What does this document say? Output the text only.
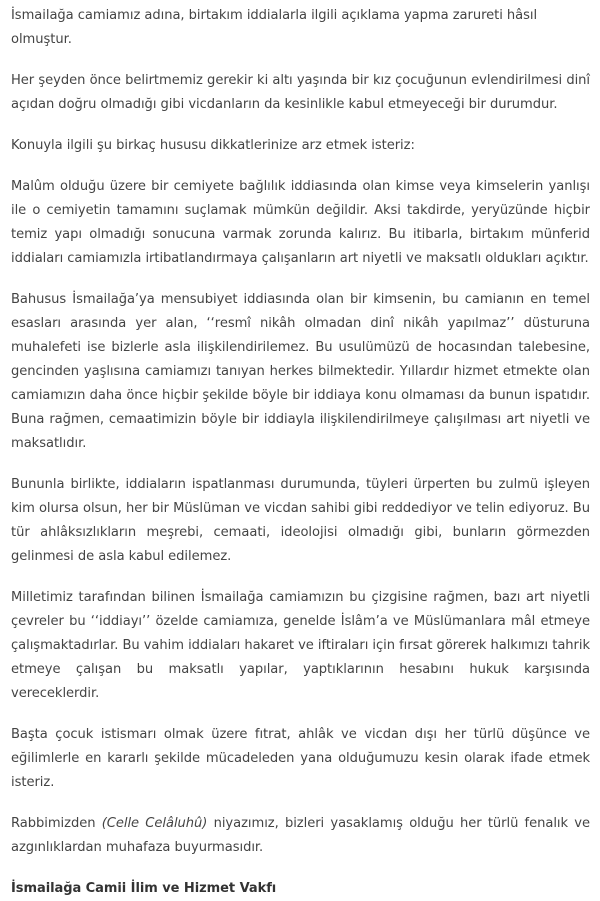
İsmailağa camiamız adına, birtakım iddialarla ilgili açıklama yapma zarureti hâsıl olmuştur.

Her şeyden önce belirtmemiz gerekir ki altı yaşında bir kız çocuğunun evlendirilmesi dinî açıdan doğru olmadığı gibi vicdanların da kesinlikle kabul etmeyeceği bir durumdur.

Konuyla ilgili şu birkaç hususu dikkatlerinize arz etmek isteriz:

Malûm olduğu üzere bir cemiyete bağlılık iddiasında olan kimse veya kimselerin yanlışı ile o cemiyetin tamamını suçlamak mümkün değildir. Aksi takdirde, yeryüzünde hiçbir temiz yapı olmadığı sonucuna varmak zorunda kalırız. Bu itibarla, birtakım münferid iddiaları camiamızla irtibatlandırmaya çalışanların art niyetli ve maksatlı oldukları açıktır.

Bahusus İsmailağa’ya mensubiyet iddiasında olan bir kimsenin, bu camianın en temel esasları arasında yer alan, ‘‘resmî nikâh olmadan dinî nikâh yapılmaz’’ düsturuna muhalefeti ise bizlerle asla ilişkilendirilemez. Bu usulümüzü de hocasından talebesine, gencinden yaşlısına camiamızı tanıyan herkes bilmektedir. Yıllardır hizmet etmekte olan camiamızın daha önce hiçbir şekilde böyle bir iddiaya konu olmaması da bunun ispatıdır. Buna rağmen, cemaatimizin böyle bir iddiayla ilişkilendirilmeye çalışılması art niyetli ve maksatlıdır.

Bununla birlikte, iddiaların ispatlanması durumunda, tüyleri ürperten bu zulmü işleyen kim olursa olsun, her bir Müslüman ve vicdan sahibi gibi reddediyor ve telin ediyoruz. Bu tür ahlâksızlıkların meşrebi, cemaati, ideolojisi olmadığı gibi, bunların görmezden gelinmesi de asla kabul edilemez.

Milletimiz tarafından bilinen İsmailağa camiamızın bu çizgisine rağmen, bazı art niyetli çevreler bu ‘‘iddiayı’’ özelde camiamıza, genelde İslâm’a ve Müslümanlara mâl etmeye çalışmaktadırlar. Bu vahim iddiaları hakaret ve iftiraları için fırsat görerek halkımızı tahrik etmeye çalışan bu maksatlı yapılar, yaptıklarının hesabını hukuk karşısında vereceklerdir.

Başta çocuk istismarı olmak üzere fıtrat, ahlâk ve vicdan dışı her türlü düşünce ve eğilimlerle en kararlı şekilde mücadeleden yana olduğumuzu kesin olarak ifade etmek isteriz.

Rabbimizden (Celle Celâluhû) niyazımız, bizleri yasaklamış olduğu her türlü fenalık ve azgınlıklardan muhafaza buyurmasıdır.

İsmailağa Camii İlim ve Hizmet Vakfı
